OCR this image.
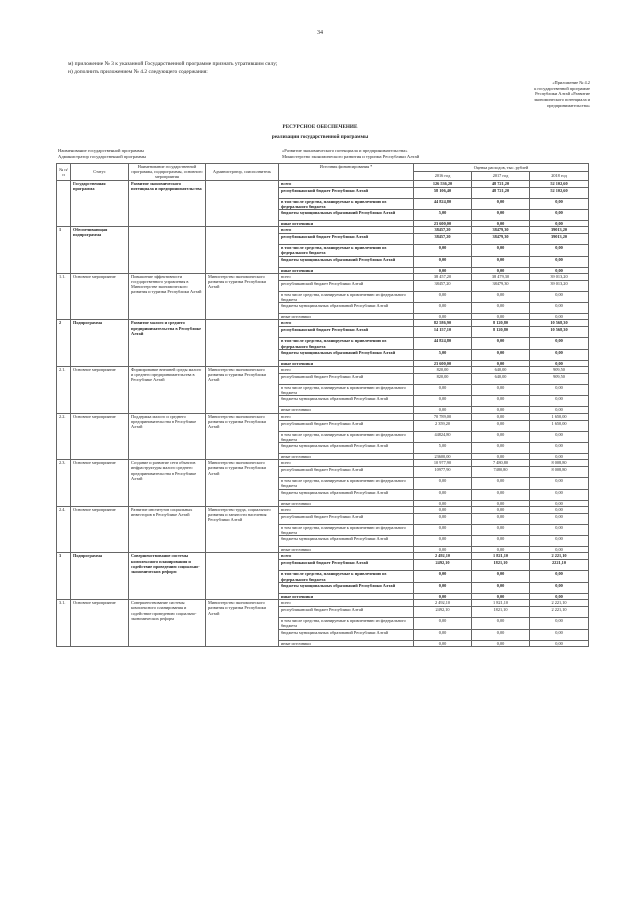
34
м) приложение № 3 к указанной Государственной программе признать утратившим силу;
н) дополнить приложением № 4.2 следующего содержания:
«Приложение № 4.2
к государственной программе
Республики Алтай «Развитие
экономического потенциала и
предпринимательства»
РЕСУРСНОЕ ОБЕСПЕЧЕНИЕ
реализации государственной программы
Наименование государственной программы
Администратор государственной программы
«Развитие экономического потенциала и предпринимательства»
Министерство экономического развития и туризма Республики Алтай
№ п/п	Статус	Наименование государственной программы, подпрограммы, основного мероприятия	Администратор, соисполнитель	Источник финансирования *	Оценка расходов, тыс. рублей		
					2016 год	2017 год	2018 год
	Государственная программа	Развитие экономического потенциала и предпринимательства		всего	126 536,20	48 721,20	52 102,60
				республиканский бюджет Республики Алтай	58 106,40	48 721,20	52 102,60
				в том числе средства, планируемые к привлечению из федерального бюджета	44 824,80	0,00	0,00
				бюджеты муниципальных образований Республики Алтай	5,00	0,00	0,00
				иные источники	23 600,00	0,00	0,00
1	Обеспечивающая подпрограмма			всего	38457,20	38479,30	39013,20
				республиканский бюджет Республики Алтай	38457,20	38479,30	39013,20
				в том числе средства, планируемые к привлечению из федерального бюджета	0,00	0,00	0,00
				бюджеты муниципальных образований Республики Алтай	0,00	0,00	0,00
				иные источники	0,00	0,00	0,00
1.1.	Основное мероприятие	Повышение эффективности государственного управления в Министерстве экономического развития и туризма Республики Алтай	Министерство экономического развития и туризма Республики Алтай	всего	38 457,20	38 479,30	39 013,20
				республиканский бюджет Республики Алтай	38457,20	38479,30	39 013,20
				в том числе средства, планируемые к привлечению из федерального бюджета	0,00	0,00	0,00
				бюджеты муниципальных образований Республики Алтай	0,00	0,00	0,00
				иные источники	0,00	0,00	0,00
2	Подпрограмма	Развитие малого и среднего предпринимательства в Республике Алтай		всего	82 586,90	8 120,80	10 568,30
				республиканский бюджет Республики Алтай	14 157,10	8 120,80	10 568,30
				в том числе средства, планируемые к привлечению из федерального бюджета	44 824,80	0,00	0,00
				бюджеты муниципальных образований Республики Алтай	5,00	0,00	0,00
				иные источники	23 600,00	0,00	0,00
2.1.	Основное мероприятие	Формирование внешней среды малого и среднего предпринимательства в Республике Алтай	Министерство экономического развития и туризма Республики Алтай	всего	820,00	640,00	909,50
				республиканский бюджет Республики Алтай	820,00	640,00	909,50
				в том числе средства, планируемые к привлечению из федерального бюджета	0,00	0,00	0,00
				бюджеты муниципальных образований Республики Алтай	0,00	0,00	0,00
				иные источники	0,00	0,00	0,00
2.2.	Основное мероприятие	Поддержка малого и среднего предпринимательства в Республике Алтай	Министерство экономического развития и туризма Республики Алтай	всего	70 789,00	0,00	1 650,00
				республиканский бюджет Республики Алтай	2 359,20	0,00	1 650,00
				в том числе средства, планируемые к привлечению из федерального бюджета	44824,80	0,00	0,00
				бюджеты муниципальных образований Республики Алтай	5,00	0,00	0,00
				иные источники	23600,00	0,00	0,00
2.3.	Основное мероприятие	Создание и развитие сети объектов инфраструктуры малого среднего предпринимательства в Республике Алтай	Министерство экономического развития и туризма Республики Алтай	всего	10 977,90	7 480,80	8 008,80
				республиканский бюджет Республики Алтай	10977,90	7480,80	8 008,80
				в том числе средства, планируемые к привлечению из федерального бюджета	0,00	0,00	0,00
				бюджеты муниципальных образований Республики Алтай	0,00	0,00	0,00
				иные источники	0,00	0,00	0,00
2.4.	Основное мероприятие	Развитие институтов социальных инвесторов в Республике Алтай	Министерство труда, социального развития и занятости населения Республики Алтай	всего	0,00	0,00	0,00
				республиканский бюджет Республики Алтай	0,00	0,00	0,00
				в том числе средства, планируемые к привлечению из федерального бюджета	0,00	0,00	0,00
				бюджеты муниципальных образований Республики Алтай	0,00	0,00	0,00
				иные источники	0,00	0,00	0,00
3	Подпрограмма	Совершенствование системы комплексного планирования и содействие проведению социально-экономических реформ		всего	2 492,10	1 821,10	2 221,10
				республиканский бюджет Республики Алтай	2492,10	1821,10	2221,10
				в том числе средства, планируемые к привлечению из федерального бюджета	0,00	0,00	0,00
				бюджеты муниципальных образований Республики Алтай	0,00	0,00	0,00
				иные источники	0,00	0,00	0,00
3.1.	Основное мероприятие	Совершенствование системы комплексного планирования и содействие проведению социально-экономических реформ	Министерство экономического развития и туризма Республики Алтай	всего	2 492,10	1 821,10	2 221,10
				республиканский бюджет Республики Алтай	2492,10	1821,10	2 221,10
				в том числе средства, планируемые к привлечению из федерального бюджета	0,00	0,00	0,00
				бюджеты муниципальных образований Республики Алтай	0,00	0,00	0,00
				иные источники	0,00	0,00	0,00
